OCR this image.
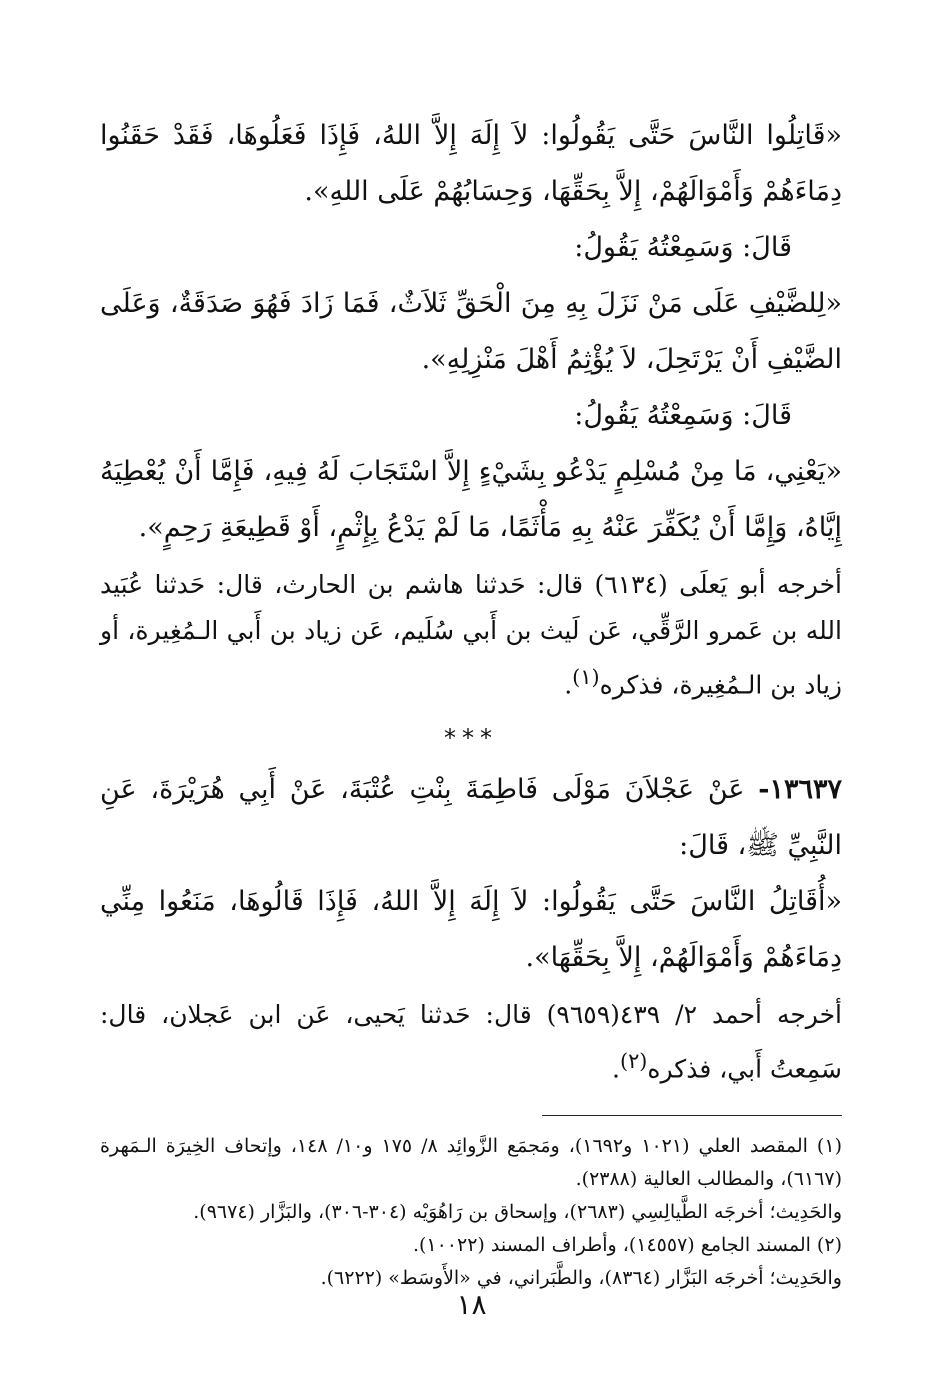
«قَاتِلُوا النَّاسَ حَتَّى يَقُولُوا: لاَ إِلَهَ إِلاَّ اللهُ، فَإِذَا فَعَلُوهَا، فَقَدْ حَقَنُوا دِمَاءَهُمْ وَأَمْوَالَهُمْ، إِلاَّ بِحَقِّهَا، وَحِسَابُهُمْ عَلَى اللهِ».

قَالَ: وَسَمِعْتُهُ يَقُولُ:

«لِلضَّيْفِ عَلَى مَنْ نَزَلَ بِهِ مِنَ الْحَقِّ ثَلاَثٌ، فَمَا زَادَ فَهُوَ صَدَقَةٌ، وَعَلَى الضَّيْفِ أَنْ يَرْتَحِلَ، لاَ يُؤْثِمُ أَهْلَ مَنْزِلِهِ».

قَالَ: وَسَمِعْتُهُ يَقُولُ:

«يَعْنِي، مَا مِنْ مُسْلِمٍ يَدْعُو بِشَيْءٍ إِلاَّ اسْتَجَابَ لَهُ فِيهِ، فَإِمَّا أَنْ يُعْطِيَهُ إِيَّاهُ، وَإِمَّا أَنْ يُكَفِّرَ عَنْهُ بِهِ مَأْثَمًا، مَا لَمْ يَدْعُ بِإِثْمٍ، أَوْ قَطِيعَةِ رَحِمٍ».

أخرجه أبو يَعلَى (٦١٣٤) قال: حَدثنا هاشم بن الحارث، قال: حَدثنا عُبَيد الله بن عَمرو الرَّقِّي، عَن لَيث بن أَبي سُلَيم، عَن زياد بن أَبي الـمُغِيرة، أو زياد بن الـمُغِيرة، فذكره$^{(١)}$.

***

١٣٦٣٧- عَنْ عَجْلاَنَ مَوْلَى فَاطِمَةَ بِنْتِ عُتْبَةَ، عَنْ أَبِي هُرَيْرَةَ، عَنِ النَّبِيِّ ﷺ، قَالَ:

«أُقَاتِلُ النَّاسَ حَتَّى يَقُولُوا: لاَ إِلَهَ إِلاَّ اللهُ، فَإِذَا قَالُوهَا، مَنَعُوا مِنِّي دِمَاءَهُمْ وَأَمْوَالَهُمْ، إِلاَّ بِحَقِّهَا».

أخرجه أحمد ٢/ ٤٣٩(٩٦٥٩) قال: حَدثنا يَحيى، عَن ابن عَجلان، قال: سَمِعتُ أَبي، فذكره$^{(٢)}$.

(١) المقصد العلي (١٠٢١ و١٦٩٢)، ومَجمَع الزَّوائِد ٨/ ١٧٥ و١٠/ ١٤٨، وإتحاف الخِيرَة الـمَهرة (٦١٦٧)، والمطالب العالية (٢٣٨٨).

والحَدِيث؛ أخرجَه الطَّيالِسِي (٢٦٨٣)، وإسحاق بن رَاهُوَيْه (٣٠٤-٣٠٦)، والبَزَّار (٩٦٧٤).

(٢) المسند الجامع (١٤٥٥٧)، وأطراف المسند (١٠٠٢٢).

والحَدِيث؛ أخرجَه البَزَّار (٨٣٦٤)، والطَّبَراني، في «الأَوسَط» (٦٢٢٢).

١٨
